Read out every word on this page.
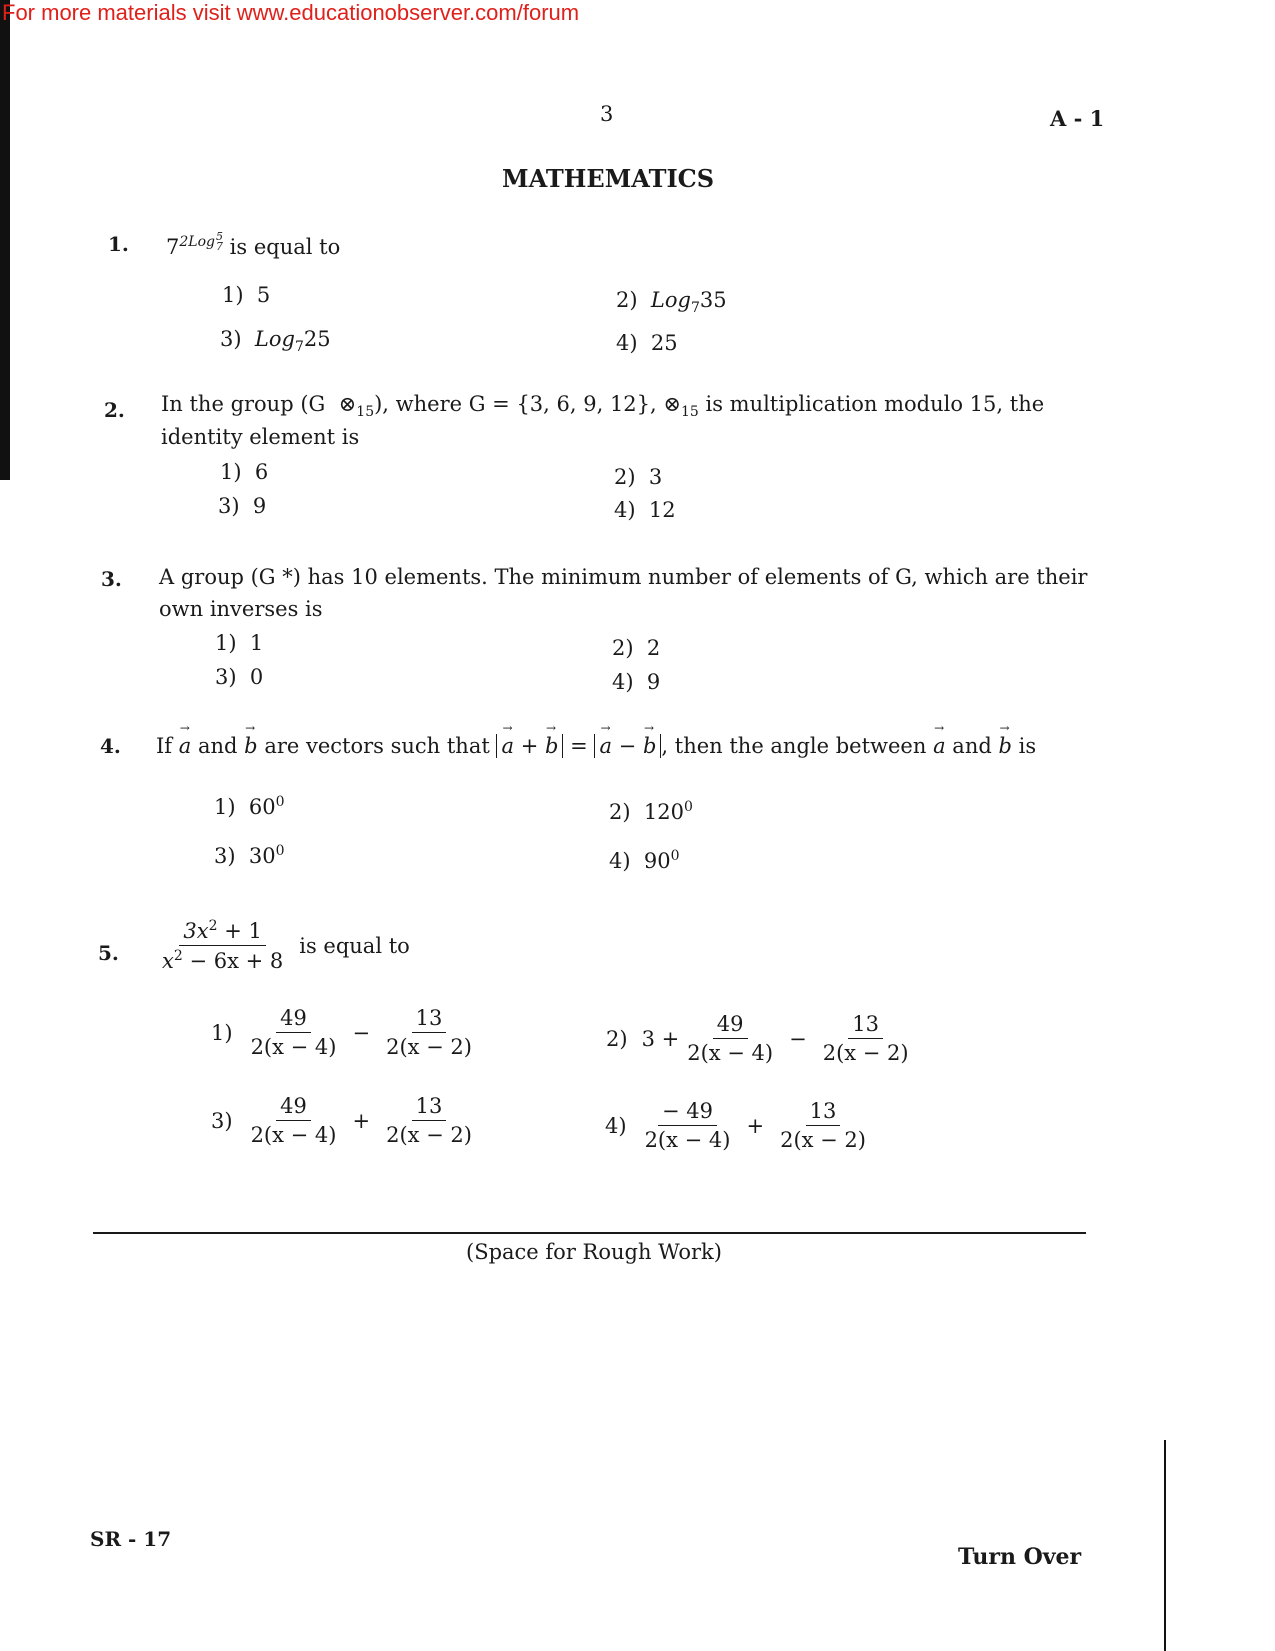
For more materials visit www.educationobserver.com/forum
3	A - 1
MATHEMATICS
1. $7^{2Log 5 7}$ is equal to
1) 5	2) Log$_7$35
3) Log$_7$25	4) 25
2. In the group (G $\otimes_{15}$), where G = {3, 6, 9, 12}, $\otimes_{15}$ is multiplication modulo 15, the
identity element is
1) 6	2) 3
3) 9	4) 12
3. A group (G *) has 10 elements. The minimum number of elements of G, which are their
own inverses is
1) 1	2) 2
3) 0	4) 9
4. If → a and → b are vectors such that → a + → b = → a − → b , then the angle between → a and → b is
1) $60^0$	2) $120^0$
3) $30^0$	4) $90^0$
5. $\frac{3x^2 + 1}{x^2 - 6x + 8}$ is equal to
$1) \frac{49}{2(x - 4)} - \frac{13}{2(x - 2)}$	2) $3 + \frac{49}{2(x - 4)} - \frac{13}{2(x - 2)}$
$3) \frac{49}{2(x - 4)} + \frac{13}{2(x - 2)}$	$4) \frac{- 49}{2(x - 4)} + \frac{13}{2(x - 2)}$
(Space for Rough Work)
SR - 17
Turn Over
